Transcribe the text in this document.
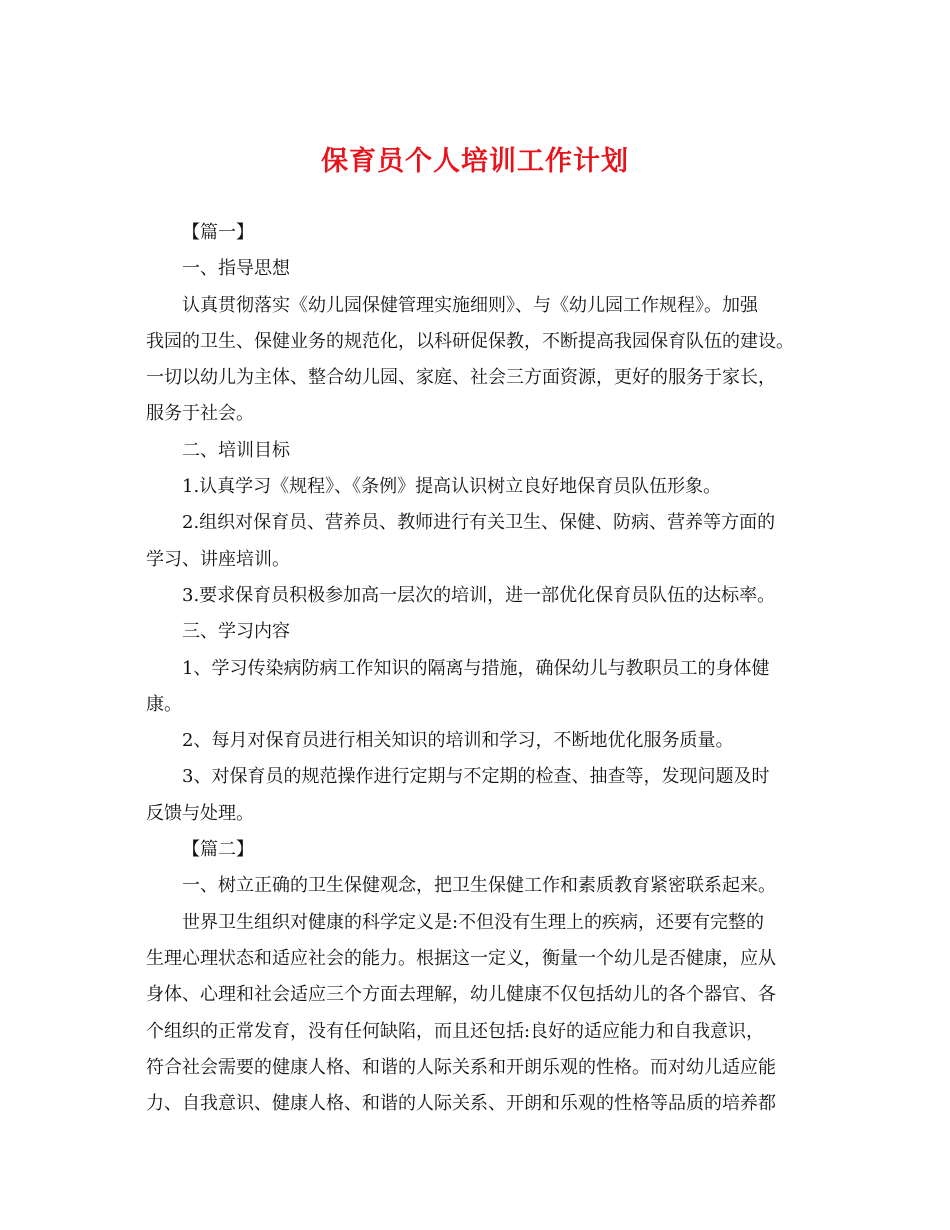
保育员个人培训工作计划
【篇一】
一、指导思想
认真贯彻落实《幼儿园保健管理实施细则》、与《幼儿园工作规程》。加强
我园的卫生、保健业务的规范化，以科研促保教，不断提高我园保育队伍的建设。
一切以幼儿为主体、整合幼儿园、家庭、社会三方面资源，更好的服务于家长，
服务于社会。
二、培训目标
1.认真学习《规程》、《条例》提高认识树立良好地保育员队伍形象。
2.组织对保育员、营养员、教师进行有关卫生、保健、防病、营养等方面的
学习、讲座培训。
3.要求保育员积极参加高一层次的培训，进一部优化保育员队伍的达标率。
三、学习内容
1、学习传染病防病工作知识的隔离与措施，确保幼儿与教职员工的身体健
康。
2、每月对保育员进行相关知识的培训和学习，不断地优化服务质量。
3、对保育员的规范操作进行定期与不定期的检查、抽查等，发现问题及时
反馈与处理。
【篇二】
一、树立正确的卫生保健观念，把卫生保健工作和素质教育紧密联系起来。
世界卫生组织对健康的科学定义是:不但没有生理上的疾病，还要有完整的
生理心理状态和适应社会的能力。根据这一定义，衡量一个幼儿是否健康，应从
身体、心理和社会适应三个方面去理解，幼儿健康不仅包括幼儿的各个器官、各
个组织的正常发育，没有任何缺陷，而且还包括:良好的适应能力和自我意识，
符合社会需要的健康人格、和谐的人际关系和开朗乐观的性格。而对幼儿适应能
力、自我意识、健康人格、和谐的人际关系、开朗和乐观的性格等品质的培养都
